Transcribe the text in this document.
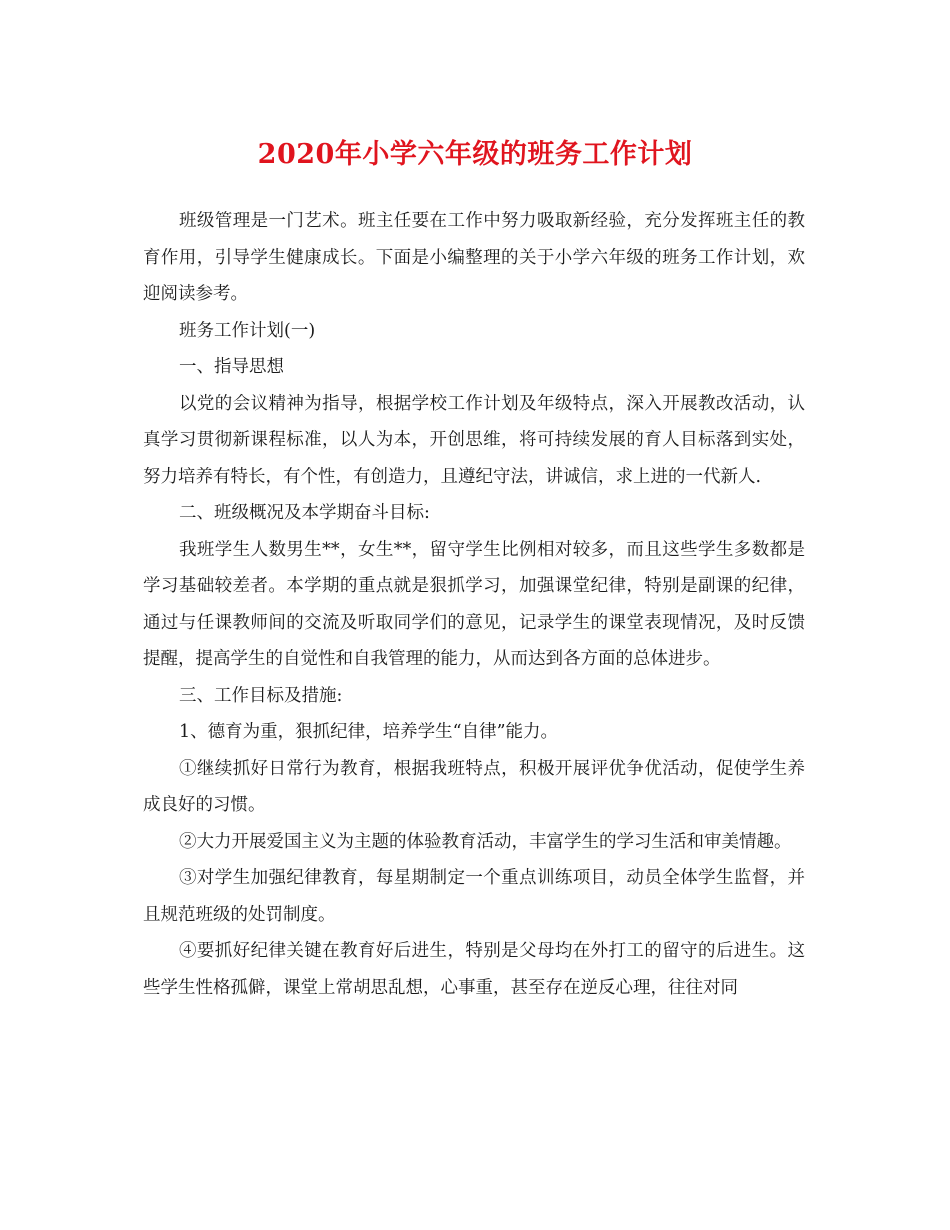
2020年小学六年级的班务工作计划

班级管理是一门艺术。班主任要在工作中努力吸取新经验，充分发挥班主任的教育作用，引导学生健康成长。下面是小编整理的关于小学六年级的班务工作计划，欢迎阅读参考。

班务工作计划(一)

一、指导思想

以党的会议精神为指导，根据学校工作计划及年级特点，深入开展教改活动，认真学习贯彻新课程标准，以人为本，开创思维，将可持续发展的育人目标落到实处，努力培养有特长，有个性，有创造力，且遵纪守法，讲诚信，求上进的一代新人.

二、班级概况及本学期奋斗目标:

我班学生人数男生**，女生**，留守学生比例相对较多，而且这些学生多数都是学习基础较差者。本学期的重点就是狠抓学习，加强课堂纪律，特别是副课的纪律，通过与任课教师间的交流及听取同学们的意见，记录学生的课堂表现情况，及时反馈提醒，提高学生的自觉性和自我管理的能力，从而达到各方面的总体进步。

三、工作目标及措施:

1、德育为重，狠抓纪律，培养学生“自律”能力。

①继续抓好日常行为教育，根据我班特点，积极开展评优争优活动，促使学生养成良好的习惯。

②大力开展爱国主义为主题的体验教育活动，丰富学生的学习生活和审美情趣。

③对学生加强纪律教育，每星期制定一个重点训练项目，动员全体学生监督，并且规范班级的处罚制度。

④要抓好纪律关键在教育好后进生，特别是父母均在外打工的留守的后进生。这些学生性格孤僻，课堂上常胡思乱想，心事重，甚至存在逆反心理，往往对同
